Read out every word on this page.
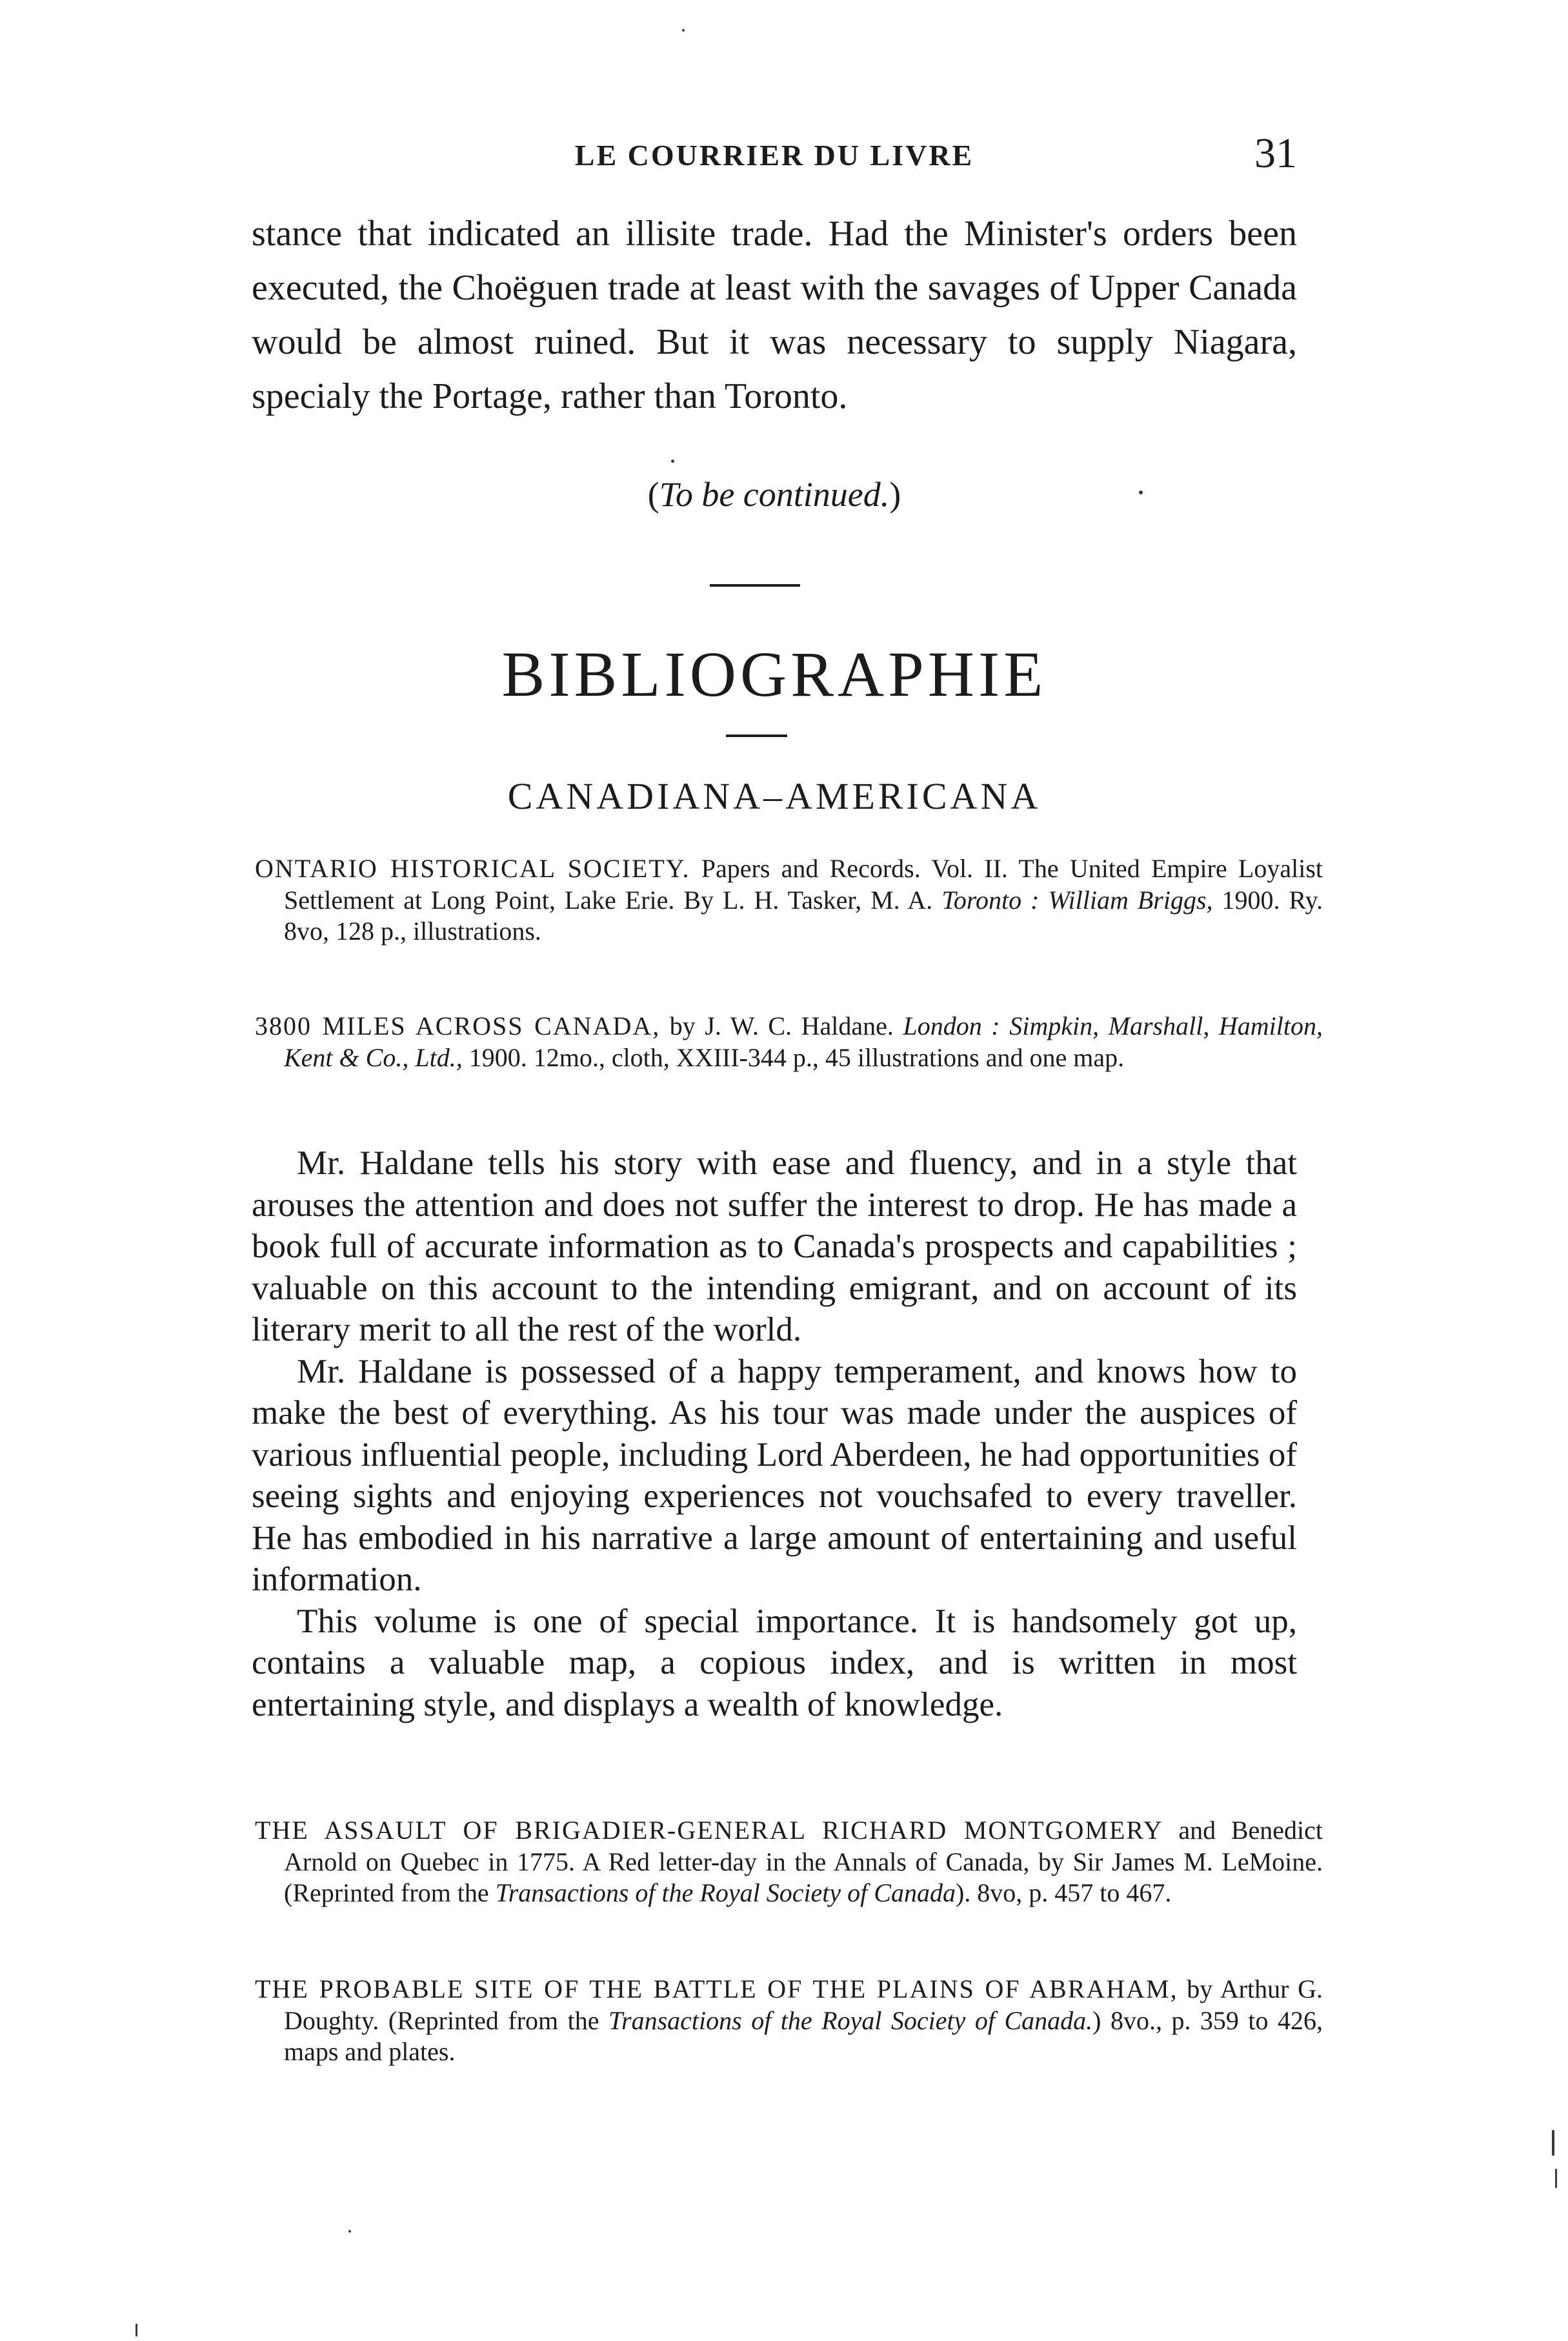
LE COURRIER DU LIVRE	31

stance that indicated an illisite trade. Had the Minister's orders been executed, the Choëguen trade at least with the savages of Upper Canada would be almost ruined. But it was necessary to supply Niagara, specialy the Portage, rather than Toronto.

(To be continued.)
BIBLIOGRAPHIE
CANADIANA–AMERICANA

ONTARIO HISTORICAL SOCIETY. Papers and Records. Vol. II. The United Empire Loyalist Settlement at Long Point, Lake Erie. By L. H. Tasker, M. A. Toronto : William Briggs, 1900. Ry. 8vo, 128 p., illustrations.

3800 MILES ACROSS CANADA, by J. W. C. Haldane. London : Simpkin, Marshall, Hamilton, Kent & Co., Ltd., 1900. 12mo., cloth, XXIII-344 p., 45 illustrations and one map.

Mr. Haldane tells his story with ease and fluency, and in a style that arouses the attention and does not suffer the interest to drop. He has made a book full of accurate information as to Canada's prospects and capabilities ; valuable on this account to the intending emigrant, and on account of its literary merit to all the rest of the world.

Mr. Haldane is possessed of a happy temperament, and knows how to make the best of everything. As his tour was made under the auspices of various influential people, including Lord Aberdeen, he had opportunities of seeing sights and enjoying experiences not vouchsafed to every traveller. He has embodied in his narrative a large amount of entertaining and useful information.

This volume is one of special importance. It is handsomely got up, contains a valuable map, a copious index, and is written in most entertaining style, and displays a wealth of knowledge.

THE ASSAULT OF BRIGADIER-GENERAL RICHARD MONTGOMERY and Benedict Arnold on Quebec in 1775. A Red letter-day in the Annals of Canada, by Sir James M. LeMoine. (Reprinted from the Transactions of the Royal Society of Canada). 8vo, p. 457 to 467.

THE PROBABLE SITE OF THE BATTLE OF THE PLAINS OF ABRAHAM, by Arthur G. Doughty. (Reprinted from the Transactions of the Royal Society of Canada.) 8vo., p. 359 to 426, maps and plates.
